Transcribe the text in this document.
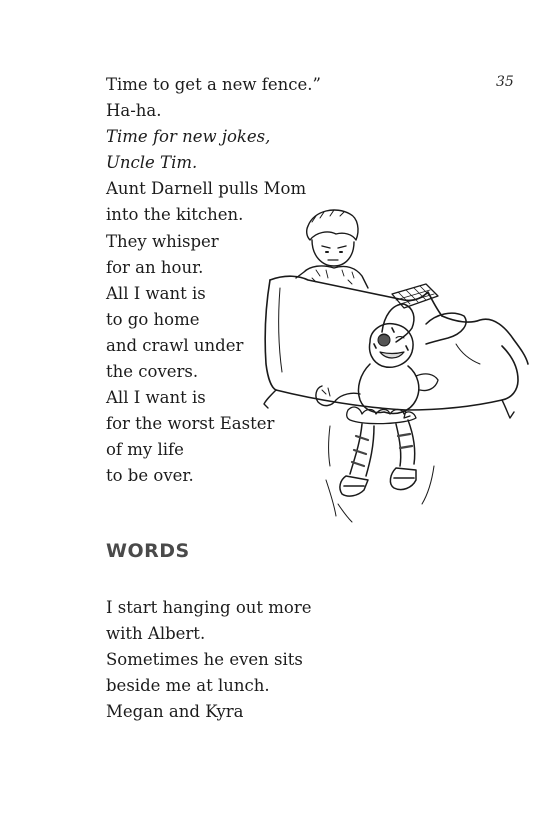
35
Time to get a new fence.”
Ha-ha.
Time for new jokes,
Uncle Tim.
Aunt Darnell pulls Mom
into the kitchen.
They whisper
for an hour.
All I want is
to go home
and crawl under
the covers.
All I want is
for the worst Easter
of my life
to be over.
WORDS
I start hanging out more
with Albert.
Sometimes he even sits
beside me at lunch.
Megan and Kyra
